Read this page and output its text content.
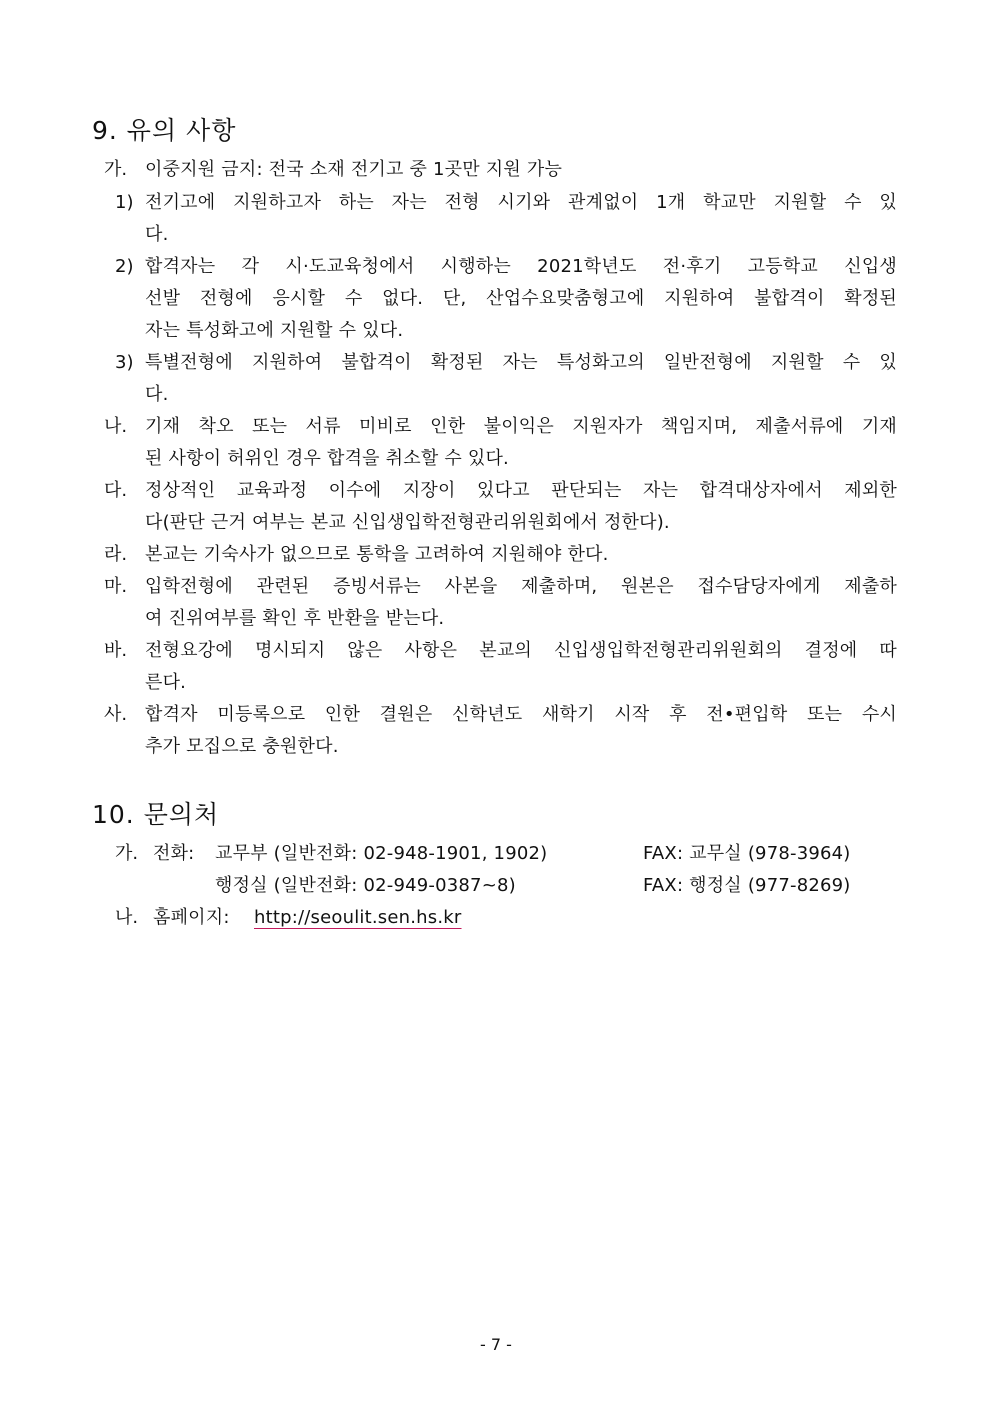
9. 유의 사항
가. 이중지원 금지: 전국 소재 전기고 중 1곳만 지원 가능
1) 전기고에 지원하고자 하는 자는 전형 시기와 관계없이 1개 학교만 지원할 수 있
다.
2) 합격자는 각 시·도교육청에서 시행하는 2021학년도 전·후기 고등학교 신입생
선발 전형에 응시할 수 없다. 단, 산업수요맞춤형고에 지원하여 불합격이 확정된
자는 특성화고에 지원할 수 있다.
3) 특별전형에 지원하여 불합격이 확정된 자는 특성화고의 일반전형에 지원할 수 있
다.
나. 기재 착오 또는 서류 미비로 인한 불이익은 지원자가 책임지며, 제출서류에 기재
된 사항이 허위인 경우 합격을 취소할 수 있다.
다. 정상적인 교육과정 이수에 지장이 있다고 판단되는 자는 합격대상자에서 제외한
다(판단 근거 여부는 본교 신입생입학전형관리위원회에서 정한다).
라. 본교는 기숙사가 없으므로 통학을 고려하여 지원해야 한다.
마. 입학전형에 관련된 증빙서류는 사본을 제출하며, 원본은 접수담당자에게 제출하
여 진위여부를 확인 후 반환을 받는다.
바. 전형요강에 명시되지 않은 사항은 본교의 신입생입학전형관리위원회의 결정에 따
른다.
사. 합격자 미등록으로 인한 결원은 신학년도 새학기 시작 후 전•편입학 또는 수시
추가 모집으로 충원한다.
10. 문의처
가. 전화: 교무부 (일반전화: 02-948-1901, 1902)	FAX: 교무실 (978-3964)
행정실 (일반전화: 02-949-0387~8)	FAX: 행정실 (977-8269)
나. 홈페이지: http://seoulit.sen.hs.kr
- 7 -
